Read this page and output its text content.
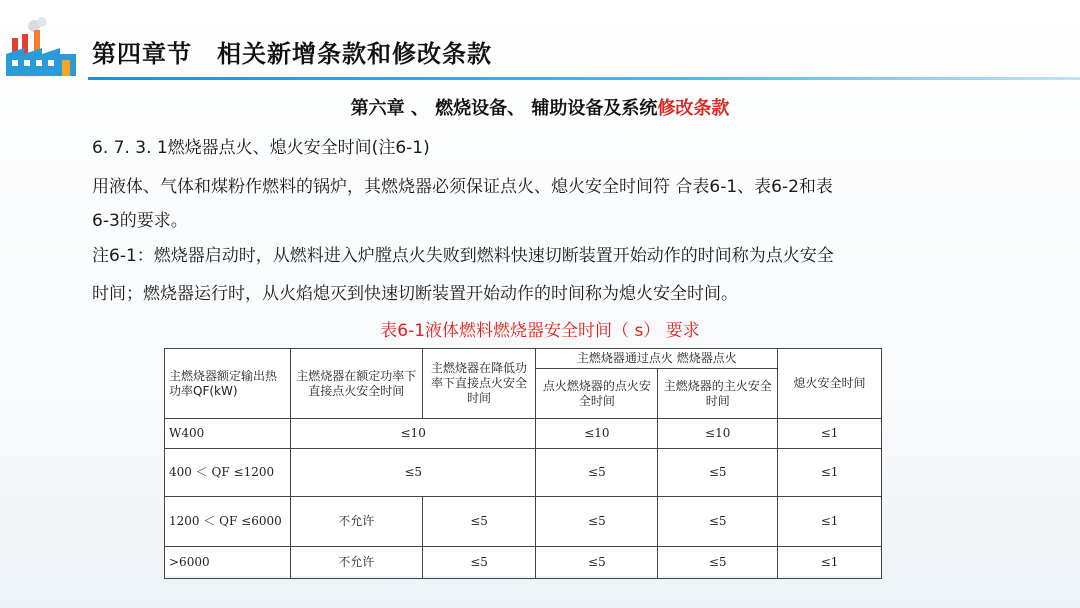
第四章节　相关新增条款和修改条款
第六章 、 燃烧设备、 辅助设备及系统修改条款
6. 7. 3. 1燃烧器点火、熄火安全时间(注6-1)
用液体、气体和煤粉作燃料的锅炉，其燃烧器必须保证点火、熄火安全时间符 合表6-1、表6-2和表
6-3的要求。
注6-1：燃烧器启动时，从燃料进入炉膛点火失败到燃料快速切断装置开始动作的时间称为点火安全
时间；燃烧器运行时，从火焰熄灭到快速切断装置开始动作的时间称为熄火安全时间。
表6-1液体燃料燃烧器安全时间（ s） 要求
主燃烧器额定输出热功率QF(kW)	主燃烧器在额定功率下直接点火安全时间	主燃烧器在降低功率下直接点火安全时间	主燃烧器通过点火 燃烧器点火		熄火安全时间
			点火燃烧器的点火安全时间	主燃烧器的主火安全时间	
W400	≤10		≤10	≤10	≤1
400 ＜ QF ≤1200	≤5		≤5	≤5	≤1
1200 ＜ QF ≤6000	不允许	≤5	≤5	≤5	≤1
>6000	不允许	≤5	≤5	≤5	≤1
